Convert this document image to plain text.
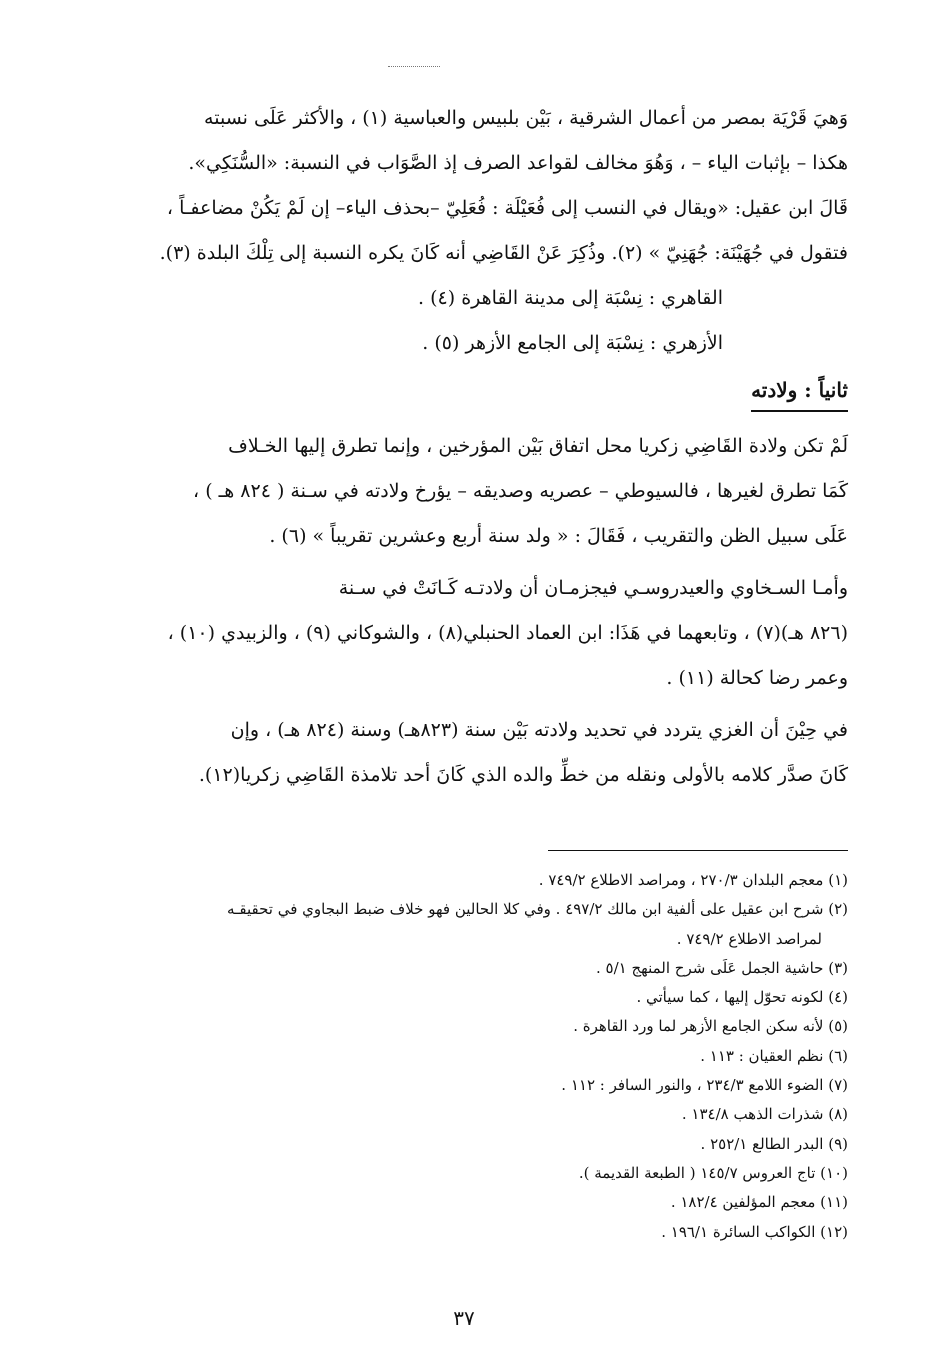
وَهيَ قَرْيَة بمصر من أعمال الشرقية ، بَيْن بلبيس والعباسية (١) ، والأكثر عَلَى نسبته
هكذا – بإثبات الياء – ، وَهُوَ مخالف لقواعد الصرف إذ الصَّوَاب في النسبة: «السُّنَكِي».
قَالَ ابن عقيل: «ويقال في النسب إلى فُعَيْلَة : فُعَلِيّ –بحذف الياء– إن لَمْ يَكُنْ مضاعفـاً ،
فتقول في جُهَيْنَة: جُهَنِيّ » (٢). وذُكِرَ عَنْ القَاضِي أنه كَانَ يكره النسبة إلى تِلْكَ البلدة (٣).
القاهري : نِسْبَة إلى مدينة القاهرة (٤) .
الأزهري : نِسْبَة إلى الجامع الأزهر (٥) .
ثانياً : ولادته
لَمْ تكن ولادة القَاضِي زكريا محل اتفاق بَيْن المؤرخين ، وإنما تطرق إليها الخـلاف
كَمَا تطرق لغيرها ، فالسيوطي – عصريه وصديقه – يؤرخ ولادته في سـنة ( ٨٢٤ هـ ) ،
عَلَى سبيل الظن والتقريب ، فَقَالَ : « ولد سنة أربع وعشرين تقريباً » (٦) .
وأمـا السـخاوي والعيدروسـي فيجزمـان أن ولادتـه كَـانَتْ في سـنة
(٨٢٦ هـ)(٧) ، وتابعهما في هَذَا: ابن العماد الحنبلي(٨) ، والشوكاني (٩) ، والزبيدي (١٠) ،
وعمر رضا كحالة (١١) .
في حِيْنَ أن الغزي يتردد في تحديد ولادته بَيْن سنة (٨٢٣هـ) وسنة (٨٢٤ هـ) ، وإن
كَانَ صدَّر كلامه بالأولى ونقله من خطِّ والده الذي كَانَ أحد تلامذة القَاضِي زكريا(١٢).
(١) معجم البلدان ٢٧٠/٣ ، ومراصد الاطلاع ٧٤٩/٢ .
(٢) شرح ابن عقيل على ألفية ابن مالك ٤٩٧/٢ . وفي كلا الحالين فهو خلاف ضبط البجاوي في تحقيقـه
لمراصد الاطلاع ٧٤٩/٢ .
(٣) حاشية الجمل عَلَى شرح المنهج ٥/١ .
(٤) لكونه تحوّل إليها ، كما سيأتي .
(٥) لأنه سكن الجامع الأزهر لما ورد القاهرة .
(٦) نظم العقيان : ١١٣ .
(٧) الضوء اللامع ٢٣٤/٣ ، والنور السافر : ١١٢ .
(٨) شذرات الذهب ١٣٤/٨ .
(٩) البدر الطالع ٢٥٢/١ .
(١٠) تاج العروس ١٤٥/٧ ( الطبعة القديمة ).
(١١) معجم المؤلفين ١٨٢/٤ .
(١٢) الكواكب السائرة ١٩٦/١ .
٣٧
